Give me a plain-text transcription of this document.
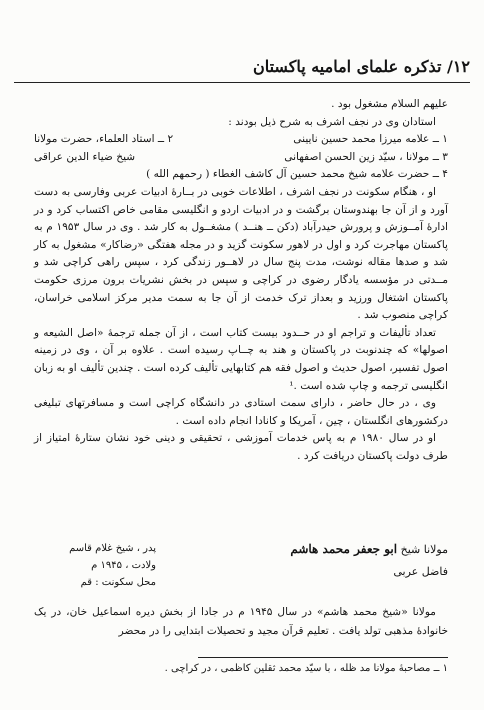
۱۲/ تذکره علمای امامیه پاکستان

علیهم السلام مشغول بود .

استادان وی در نجف اشرف به شرح ذیل بودند :

۱ ــ علامه میرزا محمد حسین نایینی
۲ ــ استاد العلماء، حضرت مولانا
۳ ــ مولانا ، سیّد زین الحسن اصفهانی
شیخ ضیاء الدین عراقی
۴ ــ حضرت علامه شیخ محمد حسین آل کاشف الغطاء ( رحمهم الله )

او ، هنگام سکونت در نجف اشرف ، اطلاعات خوبی در بــارهٔ ادبیات عربی وفارسی به دست آورد و از آن جا بهندوستان برگشت و در ادبیات اردو و انگلیسی مقامی خاص اکتساب کرد و در ادارهٔ آمــوزش و پرورش حیدرآباد (دکن ــ هنــد ) مشغــول به کار شد . وی در سال ۱۹۵۳ م به پاکستان مهاجرت کرد و اول در لاهور سکونت گزید و در مجله هفتگی «رضاکار» مشغول به کار شد و صدها مقاله نوشت، مدت پنج سال در لاهــور زندگی کرد ، سپس راهی کراچی شد و مــدتی در مؤسسه یادگار رضوی در کراچی و سپس در بخش نشریات برون مرزی حکومت پاکستان اشتغال ورزید و بعداز ترک خدمت از آن جا به سمت مدیر مرکز اسلامی خراسان، کراچی منصوب شد .

تعداد تألیفات و تراجم او در حــدود بیست کتاب است ، از آن جمله ترجمهٔ «اصل الشیعه و اصولها» که چندنوبت در پاکستان و هند به چــاپ رسیده است . علاوه بر آن ، وی در زمینه اصول تفسیر، اصول حدیث و اصول فقه هم کتابهایی تألیف کرده است . چندین تألیف او به زبان انگلیسی ترجمه و چاپ شده است .¹

وی ، در حال حاضر ، دارای سمت استادی در دانشگاه کراچی است و مسافرتهای تبلیغی درکشورهای انگلستان ، چین ، آمریکا و کانادا انجام داده است .

او در سال ۱۹۸۰ م به پاس خدمات آموزشی ، تحقیقی و دینی خود نشان ستارهٔ امتیاز از طرف دولت پاکستان دریافت کرد .

مولانا شیخ ابو جعفر محمد هاشم
فاضل عربی
پدر ، شیخ غلام قاسم
ولادت ، ۱۹۴۵ م
محل سکونت : قم

مولانا «شیخ محمد هاشم» در سال ۱۹۴۵ م در جادا از بخش دیره اسماعیل خان، در یک خانوادهٔ مذهبی تولد یافت . تعلیم قرآن مجید و تحصیلات ابتدایی را در محضر

۱ ــ مصاحبهٔ مولانا مد ظله ، با سیّد محمد ثقلین کاظمی ، در کراچی .
